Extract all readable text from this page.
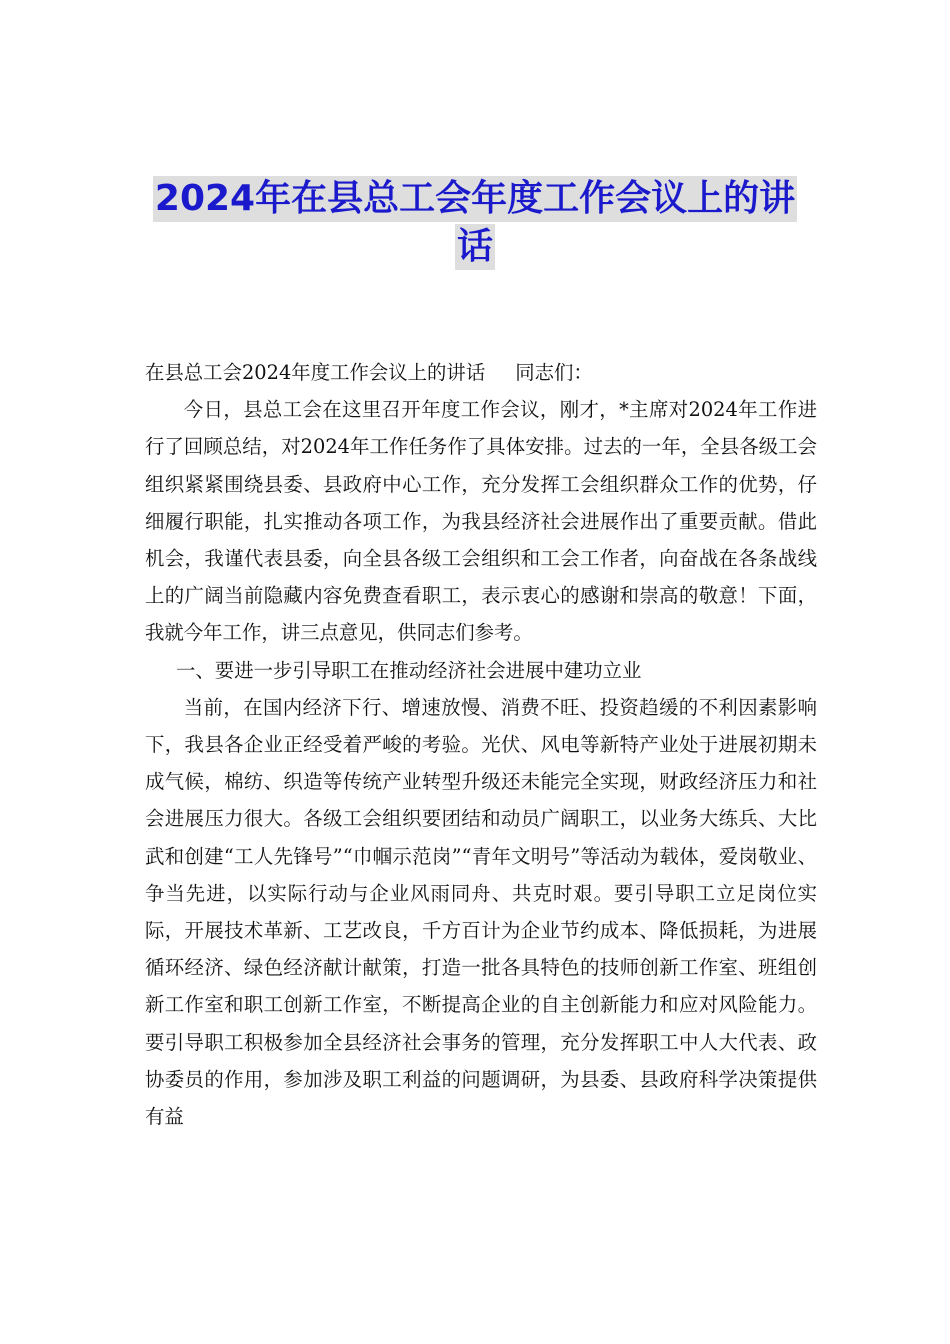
2024年在县总工会年度工作会议上的讲
话

在县总工会2024年度工作会议上的讲话 同志们：

今日，县总工会在这里召开年度工作会议，刚才，*主席对2024年工作进行了回顾总结，对2024年工作任务作了具体安排。过去的一年，全县各级工会组织紧紧围绕县委、县政府中心工作，充分发挥工会组织群众工作的优势，仔细履行职能，扎实推动各项工作，为我县经济社会进展作出了重要贡献。借此机会，我谨代表县委，向全县各级工会组织和工会工作者，向奋战在各条战线上的广阔当前隐藏内容免费查看职工，表示衷心的感谢和崇高的敬意！下面，我就今年工作，讲三点意见，供同志们参考。

一、要进一步引导职工在推动经济社会进展中建功立业

当前，在国内经济下行、增速放慢、消费不旺、投资趋缓的不利因素影响下，我县各企业正经受着严峻的考验。光伏、风电等新特产业处于进展初期未成气候，棉纺、织造等传统产业转型升级还未能完全实现，财政经济压力和社会进展压力很大。各级工会组织要团结和动员广阔职工，以业务大练兵、大比武和创建“工人先锋号”“巾帼示范岗”“青年文明号”等活动为载体，爱岗敬业、争当先进，以实际行动与企业风雨同舟、共克时艰。要引导职工立足岗位实际，开展技术革新、工艺改良，千方百计为企业节约成本、降低损耗，为进展循环经济、绿色经济献计献策，打造一批各具特色的技师创新工作室、班组创新工作室和职工创新工作室，不断提高企业的自主创新能力和应对风险能力。要引导职工积极参加全县经济社会事务的管理，充分发挥职工中人大代表、政协委员的作用，参加涉及职工利益的问题调研，为县委、县政府科学决策提供有益
